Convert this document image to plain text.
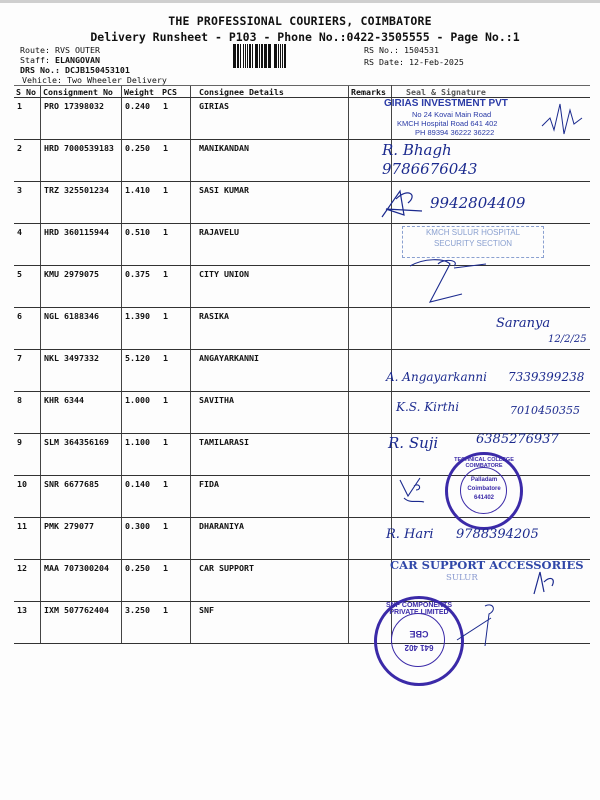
THE PROFESSIONAL COURIERS, COIMBATORE
Delivery Runsheet - P103 - Phone No.:0422-3505555 - Page No.:1
Route: RVS OUTER
Staff: ELANGOVAN
DRS No.: DCJB150453101
Vehicle: Two Wheeler Delivery
RS No.: 1504531
RS Date: 12-Feb-2025
S No	Consignment No	Weight	PCS	Consignee Details	Remarks	Seal & Signature
1	PRO 17398032	0.240	1	GIRIAS		
2	HRD 7000539183	0.250	1	MANIKANDAN		
3	TRZ 325501234	1.410	1	SASI KUMAR		
4	HRD 360115944	0.510	1	RAJAVELU		
5	KMU 2979075	0.375	1	CITY UNION		
6	NGL 6188346	1.390	1	RASIKA		
7	NKL 3497332	5.120	1	ANGAYARKANNI		
8	KHR 6344	1.000	1	SAVITHA		
9	SLM 364356169	1.100	1	TAMILARASI		
10	SNR 6677685	0.140	1	FIDA		
11	PMK 279077	0.300	1	DHARANIYA		
12	MAA 707300204	0.250	1	CAR SUPPORT		
13	IXM 507762404	3.250	1	SNF		
GIRIAS INVESTMENT PVT
No 24 Kovai Main Road
KMCH Hospital Road 641 402
PH 89394 36222 36222
R. Bhagh
9786676043
9942804409
KMCH SULUR HOSPITAL
SECURITY SECTION
Saranya
12/2/25
A. Angayarkanni 7339399238
K.S. Kirthi	7010450355
R. Suji	6385276937
TECHNICAL COLLEGE COIMBATORE
Palladam
Coimbatore
641402
R. Hari 9788394205
CAR SUPPORT ACCESSORIES
SULUR
SNF COMPONENTS PRIVATE LIMITED
CBE
641 402
